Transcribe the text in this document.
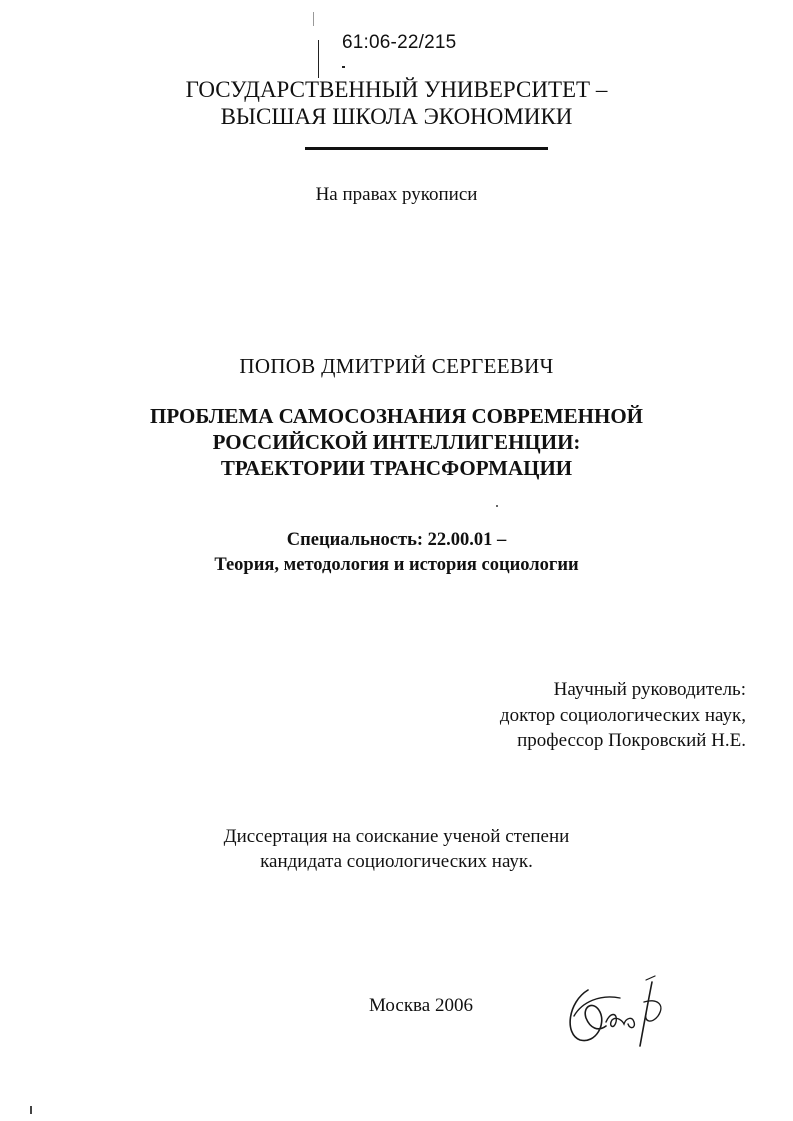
61:06-22/215
ГОСУДАРСТВЕННЫЙ УНИВЕРСИТЕТ –
ВЫСШАЯ ШКОЛА ЭКОНОМИКИ
На правах рукописи
ПОПОВ ДМИТРИЙ СЕРГЕЕВИЧ
ПРОБЛЕМА САМОСОЗНАНИЯ СОВРЕМЕННОЙ
РОССИЙСКОЙ ИНТЕЛЛИГЕНЦИИ:
ТРАЕКТОРИИ ТРАНСФОРМАЦИИ
Специальность: 22.00.01 –
Теория, методология и история социологии
Научный руководитель:
доктор социологических наук,
профессор Покровский Н.Е.
Диссертация на соискание ученой степени
кандидата социологических наук.
Москва 2006
